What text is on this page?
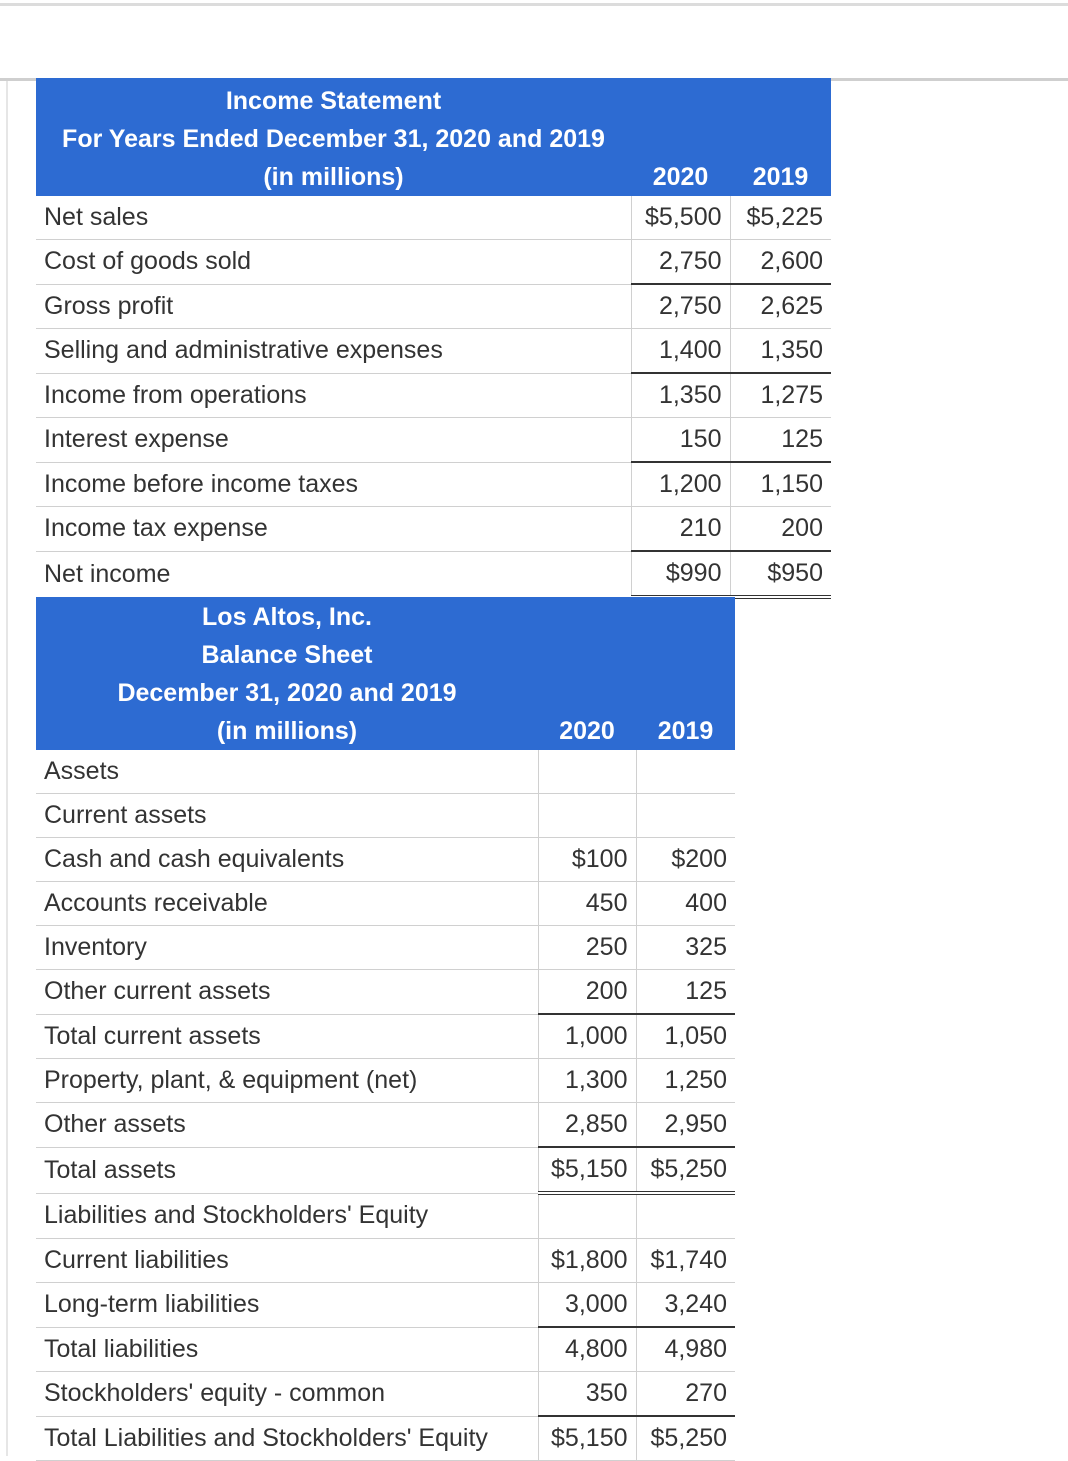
Income Statement
For Years Ended December 31, 2020 and 2019
(in millions)	2020	2019
Net sales	$5,500	$5,225
Cost of goods sold	2,750	2,600
Gross profit	2,750	2,625
Selling and administrative expenses	1,400	1,350
Income from operations	1,350	1,275
Interest expense	150	125
Income before income taxes	1,200	1,150
Income tax expense	210	200
Net income	$990	$950
Los Altos, Inc.
Balance Sheet
December 31, 2020 and 2019
(in millions)	2020	2019
Assets		
Current assets		
Cash and cash equivalents	$100	$200
Accounts receivable	450	400
Inventory	250	325
Other current assets	200	125
Total current assets	1,000	1,050
Property, plant, & equipment (net)	1,300	1,250
Other assets	2,850	2,950
Total assets	$5,150	$5,250
Liabilities and Stockholders' Equity		
Current liabilities	$1,800	$1,740
Long-term liabilities	3,000	3,240
Total liabilities	4,800	4,980
Stockholders' equity - common	350	270
Total Liabilities and Stockholders' Equity	$5,150	$5,250
